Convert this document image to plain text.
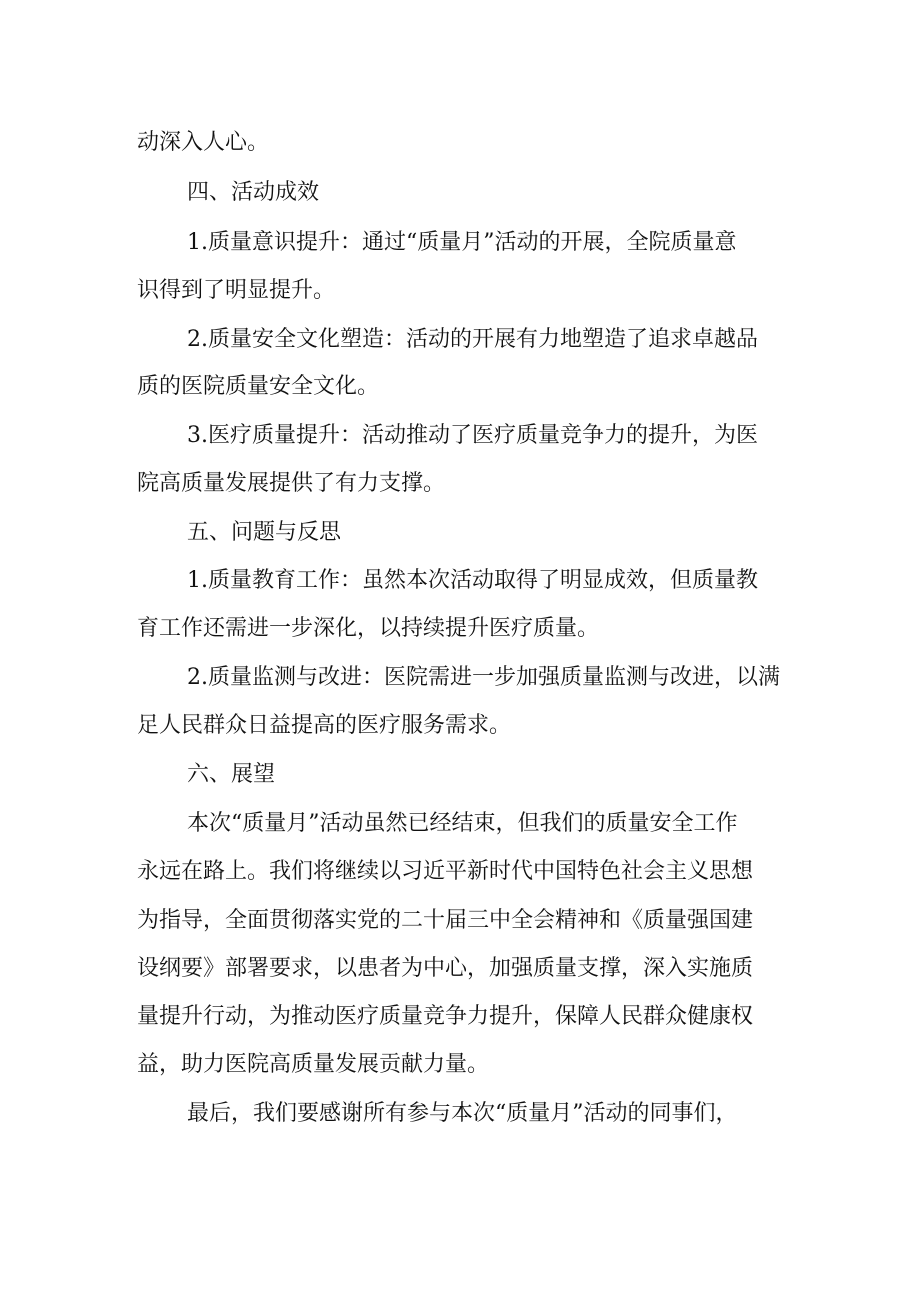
动深入人心。
四、活动成效
1.质量意识提升：通过“质量月”活动的开展，全院质量意
识得到了明显提升。
2.质量安全文化塑造：活动的开展有力地塑造了追求卓越品
质的医院质量安全文化。
3.医疗质量提升：活动推动了医疗质量竞争力的提升，为医
院高质量发展提供了有力支撑。
五、问题与反思
1.质量教育工作：虽然本次活动取得了明显成效，但质量教
育工作还需进一步深化，以持续提升医疗质量。
2.质量监测与改进：医院需进一步加强质量监测与改进，以满
足人民群众日益提高的医疗服务需求。
六、展望
本次“质量月”活动虽然已经结束，但我们的质量安全工作
永远在路上。我们将继续以习近平新时代中国特色社会主义思想
为指导，全面贯彻落实党的二十届三中全会精神和《质量强国建
设纲要》部署要求，以患者为中心，加强质量支撑，深入实施质
量提升行动，为推动医疗质量竞争力提升，保障人民群众健康权
益，助力医院高质量发展贡献力量。
最后，我们要感谢所有参与本次“质量月”活动的同事们，
